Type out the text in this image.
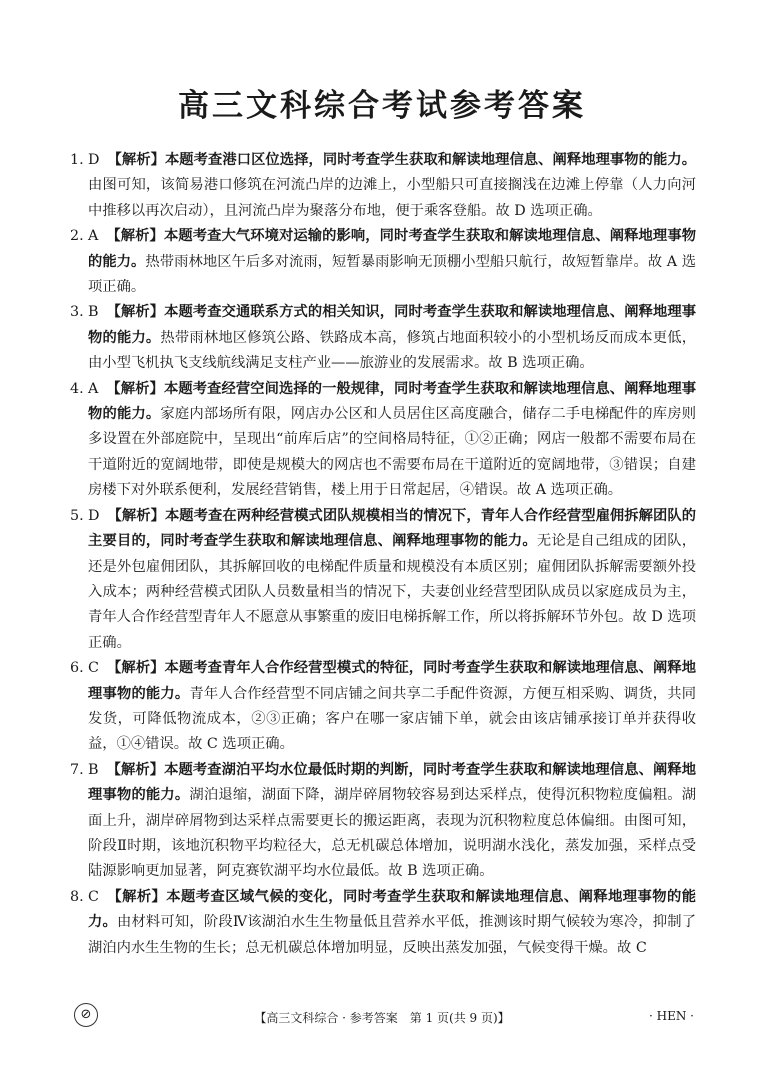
高三文科综合考试参考答案
1. D 【解析】本题考查港口区位选择，同时考查学生获取和解读地理信息、阐释地理事物的能力。由图可知，该简易港口修筑在河流凸岸的边滩上，小型船只可直接搁浅在边滩上停靠（人力向河中推移以再次启动），且河流凸岸为聚落分布地，便于乘客登船。故 D 选项正确。
2. A 【解析】本题考查大气环境对运输的影响，同时考查学生获取和解读地理信息、阐释地理事物的能力。热带雨林地区午后多对流雨，短暂暴雨影响无顶棚小型船只航行，故短暂靠岸。故 A 选项正确。
3. B 【解析】本题考查交通联系方式的相关知识，同时考查学生获取和解读地理信息、阐释地理事物的能力。热带雨林地区修筑公路、铁路成本高，修筑占地面积较小的小型机场反而成本更低，由小型飞机执飞支线航线满足支柱产业——旅游业的发展需求。故 B 选项正确。
4. A 【解析】本题考查经营空间选择的一般规律，同时考查学生获取和解读地理信息、阐释地理事物的能力。家庭内部场所有限，网店办公区和人员居住区高度融合，储存二手电梯配件的库房则多设置在外部庭院中，呈现出“前库后店”的空间格局特征，①②正确；网店一般都不需要布局在干道附近的宽阔地带，即使是规模大的网店也不需要布局在干道附近的宽阔地带，③错误；自建房楼下对外联系便利，发展经营销售，楼上用于日常起居，④错误。故 A 选项正确。
5. D 【解析】本题考查在两种经营模式团队规模相当的情况下，青年人合作经营型雇佣拆解团队的主要目的，同时考查学生获取和解读地理信息、阐释地理事物的能力。无论是自己组成的团队，还是外包雇佣团队，其拆解回收的电梯配件质量和规模没有本质区别；雇佣团队拆解需要额外投入成本；两种经营模式团队人员数量相当的情况下，夫妻创业经营型团队成员以家庭成员为主，青年人合作经营型青年人不愿意从事繁重的废旧电梯拆解工作，所以将拆解环节外包。故 D 选项正确。
6. C 【解析】本题考查青年人合作经营型模式的特征，同时考查学生获取和解读地理信息、阐释地理事物的能力。青年人合作经营型不同店铺之间共享二手配件资源，方便互相采购、调货，共同发货，可降低物流成本，②③正确；客户在哪一家店铺下单，就会由该店铺承接订单并获得收益，①④错误。故 C 选项正确。
7. B 【解析】本题考查湖泊平均水位最低时期的判断，同时考查学生获取和解读地理信息、阐释地理事物的能力。湖泊退缩，湖面下降，湖岸碎屑物较容易到达采样点，使得沉积物粒度偏粗。湖面上升，湖岸碎屑物到达采样点需要更长的搬运距离，表现为沉积物粒度总体偏细。由图可知，阶段Ⅱ时期，该地沉积物平均粒径大，总无机碳总体增加，说明湖水浅化，蒸发加强，采样点受陆源影响更加显著，阿克赛钦湖平均水位最低。故 B 选项正确。
8. C 【解析】本题考查区域气候的变化，同时考查学生获取和解读地理信息、阐释地理事物的能力。由材料可知，阶段Ⅳ该湖泊水生生物量低且营养水平低，推测该时期气候较为寒冷，抑制了湖泊内水生生物的生长；总无机碳总体增加明显，反映出蒸发加强，气候变得干燥。故 C
⊘	【高三文科综合 · 参考答案　第 1 页(共 9 页)】	· HEN ·
